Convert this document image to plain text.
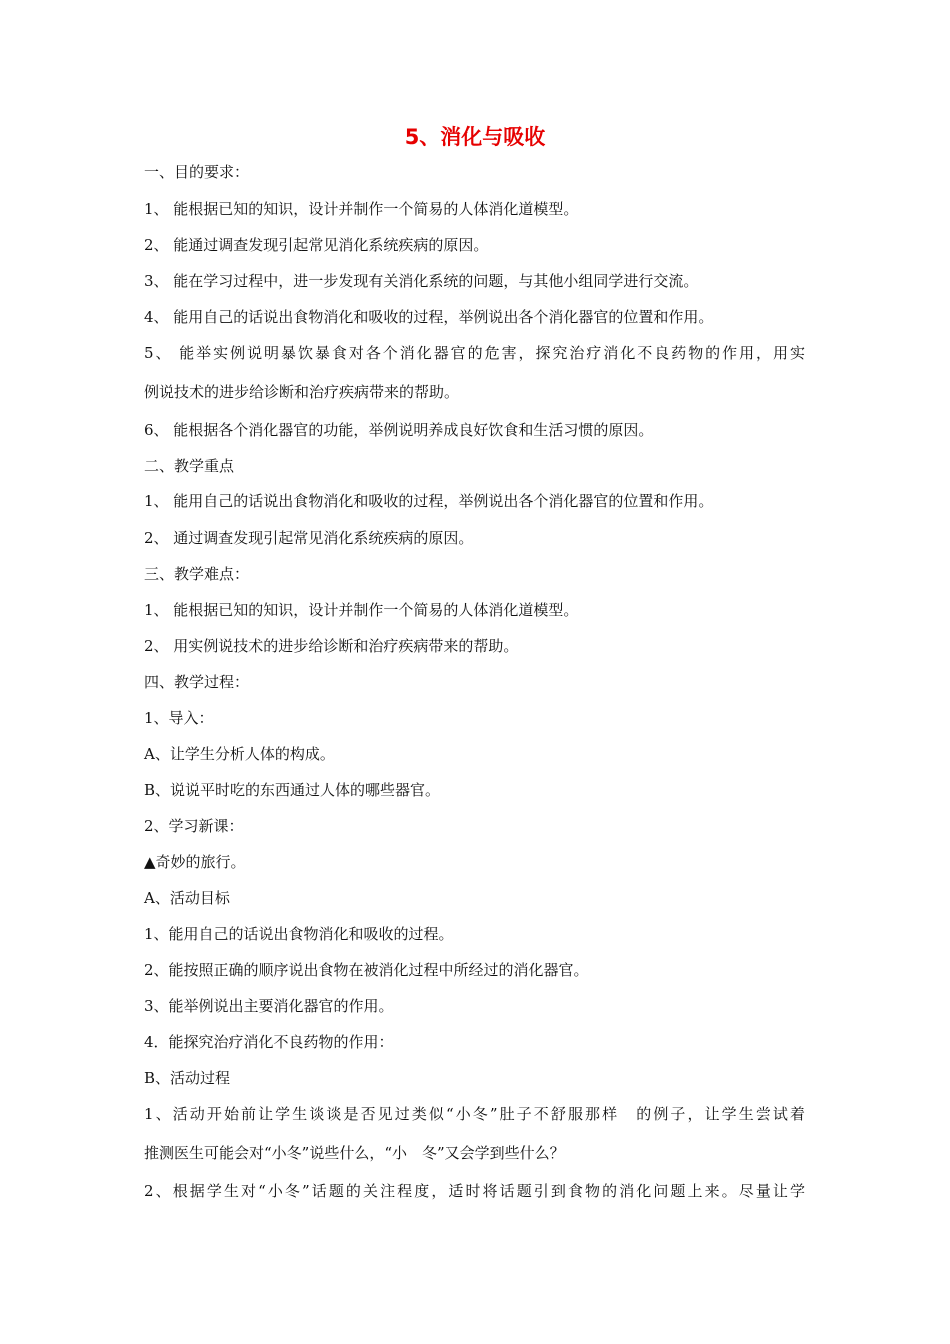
5、消化与吸收
一、目的要求：
1、 能根据已知的知识，设计并制作一个简易的人体消化道模型。
2、 能通过调查发现引起常见消化系统疾病的原因。
3、 能在学习过程中，进一步发现有关消化系统的问题，与其他小组同学进行交流。
4、 能用自己的话说出食物消化和吸收的过程，举例说出各个消化器官的位置和作用。
5、 能举实例说明暴饮暴食对各个消化器官的危害，探究治疗消化不良药物的作用，用实
例说技术的进步给诊断和治疗疾病带来的帮助。
6、 能根据各个消化器官的功能，举例说明养成良好饮食和生活习惯的原因。
二、教学重点
1、 能用自己的话说出食物消化和吸收的过程，举例说出各个消化器官的位置和作用。
2、 通过调查发现引起常见消化系统疾病的原因。
三、教学难点：
1、 能根据已知的知识，设计并制作一个简易的人体消化道模型。
2、 用实例说技术的进步给诊断和治疗疾病带来的帮助。
四、教学过程：
1、导入：
A、让学生分析人体的构成。
B、说说平时吃的东西通过人体的哪些器官。
2、学习新课：
▲奇妙的旅行。
A、活动目标
1、能用自己的话说出食物消化和吸收的过程。
2、能按照正确的顺序说出食物在被消化过程中所经过的消化器官。
3、能举例说出主要消化器官的作用。
4．能探究治疗消化不良药物的作用：
B、活动过程
1、活动开始前让学生谈谈是否见过类似“小冬”肚子不舒服那样　的例子，让学生尝试着
推测医生可能会对“小冬”说些什么，“小　冬”又会学到些什么？
2、根据学生对“小冬”话题的关注程度，适时将话题引到食物的消化问题上来。尽量让学
